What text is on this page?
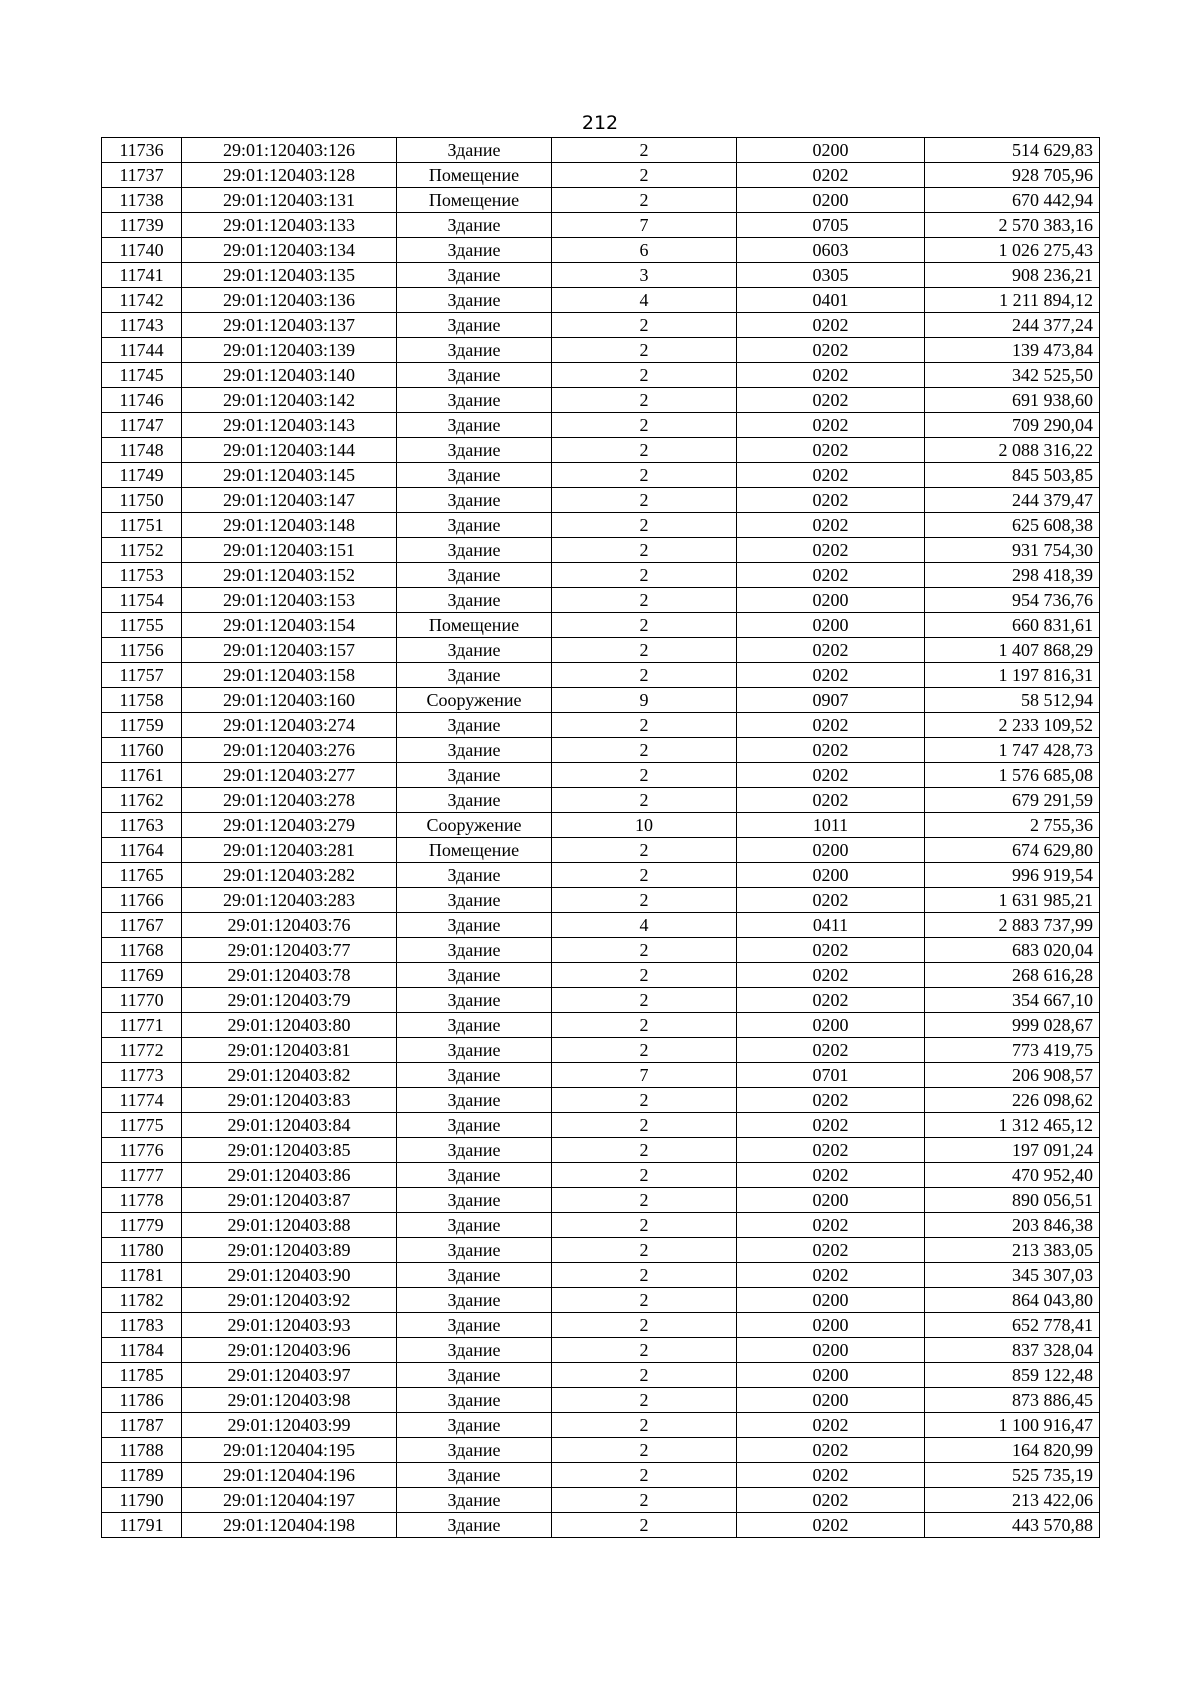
212
11736	29:01:120403:126	Здание	2	0200	514 629,83
11737	29:01:120403:128	Помещение	2	0202	928 705,96
11738	29:01:120403:131	Помещение	2	0200	670 442,94
11739	29:01:120403:133	Здание	7	0705	2 570 383,16
11740	29:01:120403:134	Здание	6	0603	1 026 275,43
11741	29:01:120403:135	Здание	3	0305	908 236,21
11742	29:01:120403:136	Здание	4	0401	1 211 894,12
11743	29:01:120403:137	Здание	2	0202	244 377,24
11744	29:01:120403:139	Здание	2	0202	139 473,84
11745	29:01:120403:140	Здание	2	0202	342 525,50
11746	29:01:120403:142	Здание	2	0202	691 938,60
11747	29:01:120403:143	Здание	2	0202	709 290,04
11748	29:01:120403:144	Здание	2	0202	2 088 316,22
11749	29:01:120403:145	Здание	2	0202	845 503,85
11750	29:01:120403:147	Здание	2	0202	244 379,47
11751	29:01:120403:148	Здание	2	0202	625 608,38
11752	29:01:120403:151	Здание	2	0202	931 754,30
11753	29:01:120403:152	Здание	2	0202	298 418,39
11754	29:01:120403:153	Здание	2	0200	954 736,76
11755	29:01:120403:154	Помещение	2	0200	660 831,61
11756	29:01:120403:157	Здание	2	0202	1 407 868,29
11757	29:01:120403:158	Здание	2	0202	1 197 816,31
11758	29:01:120403:160	Сооружение	9	0907	58 512,94
11759	29:01:120403:274	Здание	2	0202	2 233 109,52
11760	29:01:120403:276	Здание	2	0202	1 747 428,73
11761	29:01:120403:277	Здание	2	0202	1 576 685,08
11762	29:01:120403:278	Здание	2	0202	679 291,59
11763	29:01:120403:279	Сооружение	10	1011	2 755,36
11764	29:01:120403:281	Помещение	2	0200	674 629,80
11765	29:01:120403:282	Здание	2	0200	996 919,54
11766	29:01:120403:283	Здание	2	0202	1 631 985,21
11767	29:01:120403:76	Здание	4	0411	2 883 737,99
11768	29:01:120403:77	Здание	2	0202	683 020,04
11769	29:01:120403:78	Здание	2	0202	268 616,28
11770	29:01:120403:79	Здание	2	0202	354 667,10
11771	29:01:120403:80	Здание	2	0200	999 028,67
11772	29:01:120403:81	Здание	2	0202	773 419,75
11773	29:01:120403:82	Здание	7	0701	206 908,57
11774	29:01:120403:83	Здание	2	0202	226 098,62
11775	29:01:120403:84	Здание	2	0202	1 312 465,12
11776	29:01:120403:85	Здание	2	0202	197 091,24
11777	29:01:120403:86	Здание	2	0202	470 952,40
11778	29:01:120403:87	Здание	2	0200	890 056,51
11779	29:01:120403:88	Здание	2	0202	203 846,38
11780	29:01:120403:89	Здание	2	0202	213 383,05
11781	29:01:120403:90	Здание	2	0202	345 307,03
11782	29:01:120403:92	Здание	2	0200	864 043,80
11783	29:01:120403:93	Здание	2	0200	652 778,41
11784	29:01:120403:96	Здание	2	0200	837 328,04
11785	29:01:120403:97	Здание	2	0200	859 122,48
11786	29:01:120403:98	Здание	2	0200	873 886,45
11787	29:01:120403:99	Здание	2	0202	1 100 916,47
11788	29:01:120404:195	Здание	2	0202	164 820,99
11789	29:01:120404:196	Здание	2	0202	525 735,19
11790	29:01:120404:197	Здание	2	0202	213 422,06
11791	29:01:120404:198	Здание	2	0202	443 570,88
